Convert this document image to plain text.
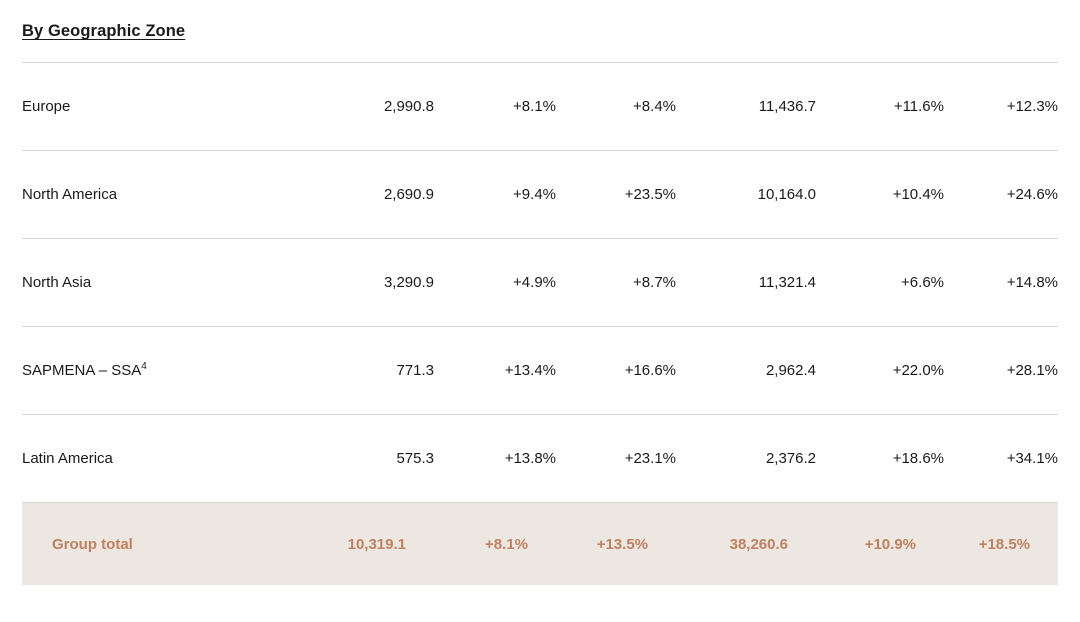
By Geographic Zone
Europe	2,990.8	+8.1%	+8.4%	11,436.7	+11.6%	+12.3%
North America	2,690.9	+9.4%	+23.5%	10,164.0	+10.4%	+24.6%
North Asia	3,290.9	+4.9%	+8.7%	11,321.4	+6.6%	+14.8%
SAPMENA – SSA$^4$	771.3	+13.4%	+16.6%	2,962.4	+22.0%	+28.1%
Latin America	575.3	+13.8%	+23.1%	2,376.2	+18.6%	+34.1%
Group total	10,319.1	+8.1%	+13.5%	38,260.6	+10.9%	+18.5%
